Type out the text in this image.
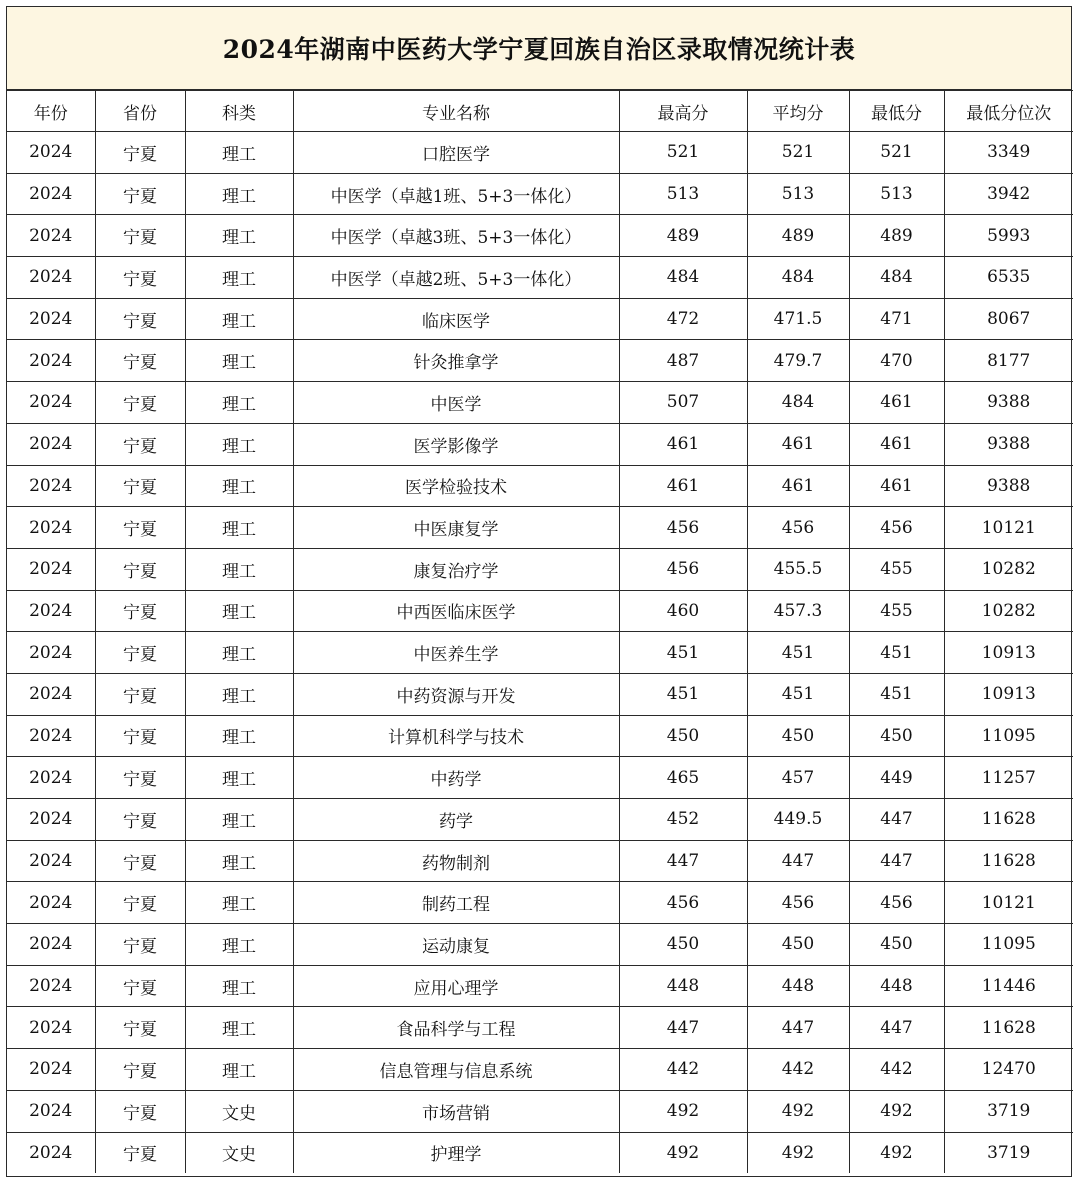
2024年湖南中医药大学宁夏回族自治区录取情况统计表
年份	省份	科类	专业名称	最高分	平均分	最低分	最低分位次
2024	宁夏	理工	口腔医学	521	521	521	3349
2024	宁夏	理工	中医学（卓越1班、5+3一体化）	513	513	513	3942
2024	宁夏	理工	中医学（卓越3班、5+3一体化）	489	489	489	5993
2024	宁夏	理工	中医学（卓越2班、5+3一体化）	484	484	484	6535
2024	宁夏	理工	临床医学	472	471.5	471	8067
2024	宁夏	理工	针灸推拿学	487	479.7	470	8177
2024	宁夏	理工	中医学	507	484	461	9388
2024	宁夏	理工	医学影像学	461	461	461	9388
2024	宁夏	理工	医学检验技术	461	461	461	9388
2024	宁夏	理工	中医康复学	456	456	456	10121
2024	宁夏	理工	康复治疗学	456	455.5	455	10282
2024	宁夏	理工	中西医临床医学	460	457.3	455	10282
2024	宁夏	理工	中医养生学	451	451	451	10913
2024	宁夏	理工	中药资源与开发	451	451	451	10913
2024	宁夏	理工	计算机科学与技术	450	450	450	11095
2024	宁夏	理工	中药学	465	457	449	11257
2024	宁夏	理工	药学	452	449.5	447	11628
2024	宁夏	理工	药物制剂	447	447	447	11628
2024	宁夏	理工	制药工程	456	456	456	10121
2024	宁夏	理工	运动康复	450	450	450	11095
2024	宁夏	理工	应用心理学	448	448	448	11446
2024	宁夏	理工	食品科学与工程	447	447	447	11628
2024	宁夏	理工	信息管理与信息系统	442	442	442	12470
2024	宁夏	文史	市场营销	492	492	492	3719
2024	宁夏	文史	护理学	492	492	492	3719
